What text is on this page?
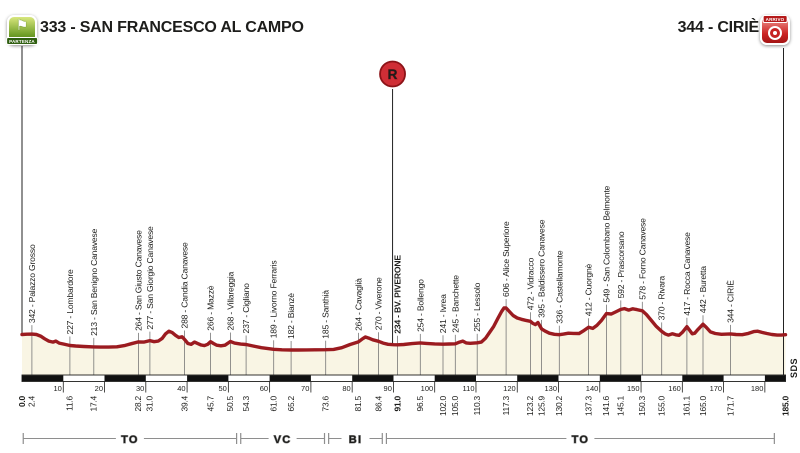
⚑
PARTENZA
333 - SAN FRANCESCO AL CAMPO	344 - CIRIÈ	ARRIVO
R
342 - Palazzo Grosso	227 - Lombardore 213 - San Benigno Canavese	264 - San Giusto Canavese 277 - San Giorgio Canavese	288 - Candia Canavese 266 - Mazzè 268 - Villareggia 237 - Cigliano 189 - Livorno Ferraris 182 - Bianzè	185 - Santhià	264 - Cavaglià 270 - Viverone 234 - BV. PIVERONE 254 - Bollengo 241 - Ivrea 245 - Banchette 255 - Lessolo
606 - Alice Superiore 472 - Vidracco 395 - Baldissero Canavese 336 - Castellamonte 412 - Cuorgnè 549 - San Colombano Belmonte 592 - Prascorsano 578 - Forno Canavese 370 - Rivara 417 - Rocca Canavese 442 - Buretta 344 - CIRIÈ
10	20	30	40	50	60	70	80	90	100	110	120	130	140	150	160	170	180
0.0 2.4	11.6 17.4	28.2 31.0	39.4 45.7 50.5 54.3 61.0 65.2	73.6	81.5 86.4 91.0 96.5 102.0 105.0 110.3 117.3 123.2 125.9 130.2 137.3 141.6 145.1 150.3 155.0 161.1 165.0 171.7	185.0
TO	VC	BI	TO
SDS
